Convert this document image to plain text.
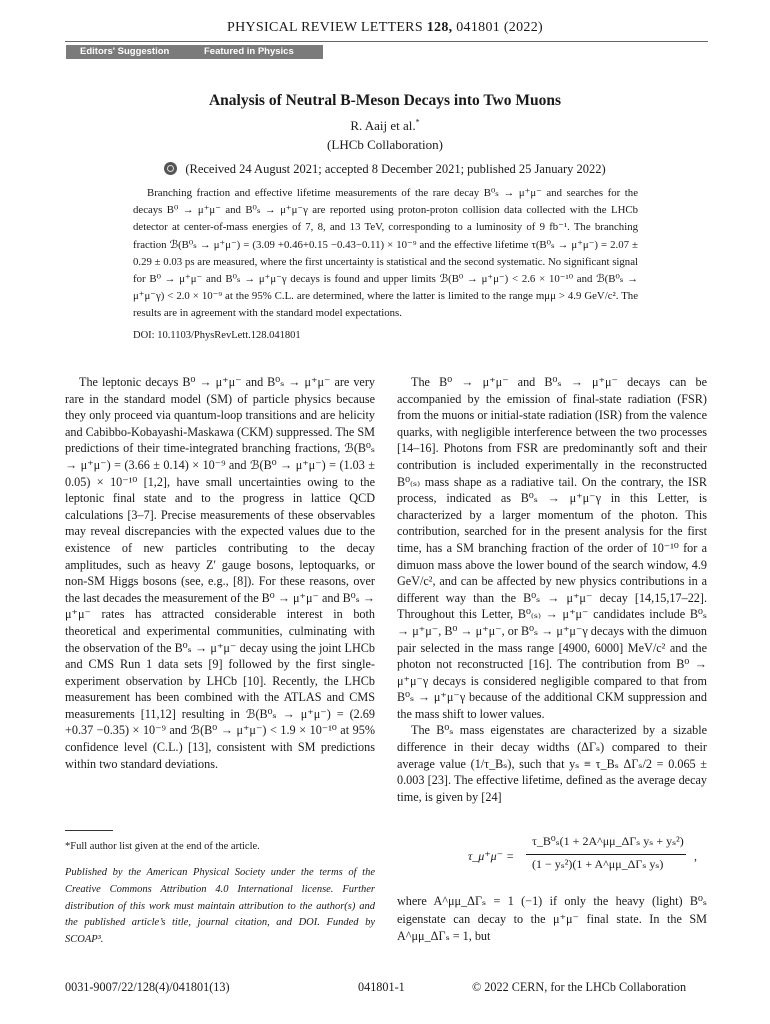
PHYSICAL REVIEW LETTERS 128, 041801 (2022)
Editors' Suggestion	Featured in Physics
Analysis of Neutral B-Meson Decays into Two Muons
R. Aaij et al.*
(LHCb Collaboration)
(Received 24 August 2021; accepted 8 December 2021; published 25 January 2022)
Branching fraction and effective lifetime measurements of the rare decay B⁰ₛ → μ⁺μ⁻ and searches for the decays B⁰ → μ⁺μ⁻ and B⁰ₛ → μ⁺μ⁻γ are reported using proton-proton collision data collected with the LHCb detector at center-of-mass energies of 7, 8, and 13 TeV, corresponding to a luminosity of 9 fb⁻¹. The branching fraction ℬ(B⁰ₛ → μ⁺μ⁻) = (3.09 +0.46+0.15 −0.43−0.11) × 10⁻⁹ and the effective lifetime τ(B⁰ₛ → μ⁺μ⁻) = 2.07 ± 0.29 ± 0.03 ps are measured, where the first uncertainty is statistical and the second systematic. No significant signal for B⁰ → μ⁺μ⁻ and B⁰ₛ → μ⁺μ⁻γ decays is found and upper limits ℬ(B⁰ → μ⁺μ⁻) < 2.6 × 10⁻¹⁰ and ℬ(B⁰ₛ → μ⁺μ⁻γ) < 2.0 × 10⁻⁹ at the 95% C.L. are determined, where the latter is limited to the range mμμ > 4.9 GeV/c². The results are in agreement with the standard model expectations.
DOI: 10.1103/PhysRevLett.128.041801

The leptonic decays B⁰ → μ⁺μ⁻ and B⁰ₛ → μ⁺μ⁻ are very rare in the standard model (SM) of particle physics because they only proceed via quantum-loop transitions and are helicity and Cabibbo-Kobayashi-Maskawa (CKM) suppressed. The SM predictions of their time-integrated branching fractions, ℬ(B⁰ₛ → μ⁺μ⁻) = (3.66 ± 0.14) × 10⁻⁹ and ℬ(B⁰ → μ⁺μ⁻) = (1.03 ± 0.05) × 10⁻¹⁰ [1,2], have small uncertainties owing to the leptonic final state and to the progress in lattice QCD calculations [3–7]. Precise measurements of these observables may reveal discrepancies with the expected values due to the existence of new particles contributing to the decay amplitudes, such as heavy Z′ gauge bosons, leptoquarks, or non-SM Higgs bosons (see, e.g., [8]). For these reasons, over the last decades the measurement of the B⁰ → μ⁺μ⁻ and B⁰ₛ → μ⁺μ⁻ rates has attracted considerable interest in both theoretical and experimental communities, culminating with the observation of the B⁰ₛ → μ⁺μ⁻ decay using the joint LHCb and CMS Run 1 data sets [9] followed by the first single-experiment observation by LHCb [10]. Recently, the LHCb measurement has been combined with the ATLAS and CMS measurements [11,12] resulting in ℬ(B⁰ₛ → μ⁺μ⁻) = (2.69 +0.37 −0.35) × 10⁻⁹ and ℬ(B⁰ → μ⁺μ⁻) < 1.9 × 10⁻¹⁰ at 95% confidence level (C.L.) [13], consistent with SM predictions within two standard deviations.

The B⁰ → μ⁺μ⁻ and B⁰ₛ → μ⁺μ⁻ decays can be accompanied by the emission of final-state radiation (FSR) from the muons or initial-state radiation (ISR) from the valence quarks, with negligible interference between the two processes [14–16]. Photons from FSR are predominantly soft and their contribution is included experimentally in the reconstructed B⁰₍ₛ₎ mass shape as a radiative tail. On the contrary, the ISR process, indicated as B⁰ₛ → μ⁺μ⁻γ in this Letter, is characterized by a larger momentum of the photon. This contribution, searched for in the present analysis for the first time, has a SM branching fraction of the order of 10⁻¹⁰ for a dimuon mass above the lower bound of the search window, 4.9 GeV/c², and can be affected by new physics contributions in a different way than the B⁰ₛ → μ⁺μ⁻ decay [14,15,17–22]. Throughout this Letter, B⁰₍ₛ₎ → μ⁺μ⁻ candidates include B⁰ₛ → μ⁺μ⁻, B⁰ → μ⁺μ⁻, or B⁰ₛ → μ⁺μ⁻γ decays with the dimuon pair selected in the mass range [4900, 6000] MeV/c² and the photon not reconstructed [16]. The contribution from B⁰ → μ⁺μ⁻γ decays is considered negligible compared to that from B⁰ₛ → μ⁺μ⁻γ because of the additional CKM suppression and the mass shift to lower values.

The B⁰ₛ mass eigenstates are characterized by a sizable difference in their decay widths (ΔΓₛ) compared to their average value (1/τ_Bₛ), such that yₛ ≡ τ_Bₛ ΔΓₛ/2 = 0.065 ± 0.003 [23]. The effective lifetime, defined as the average decay time, is given by [24]

τ_μ⁺μ⁻ =
τ_B⁰ₛ(1 + 2A^μμ_ΔΓₛ yₛ + yₛ²)
(1 − yₛ²)(1 + A^μμ_ΔΓₛ yₛ)
,
where A^μμ_ΔΓₛ = 1 (−1) if only the heavy (light) B⁰ₛ eigenstate can decay to the μ⁺μ⁻ final state. In the SM A^μμ_ΔΓₛ = 1, but
*Full author list given at the end of the article.
Published by the American Physical Society under the terms of the Creative Commons Attribution 4.0 International license. Further distribution of this work must maintain attribution to the author(s) and the published article’s title, journal citation, and DOI. Funded by SCOAP³.
0031-9007/22/128(4)/041801(13)	041801-1	© 2022 CERN, for the LHCb Collaboration
